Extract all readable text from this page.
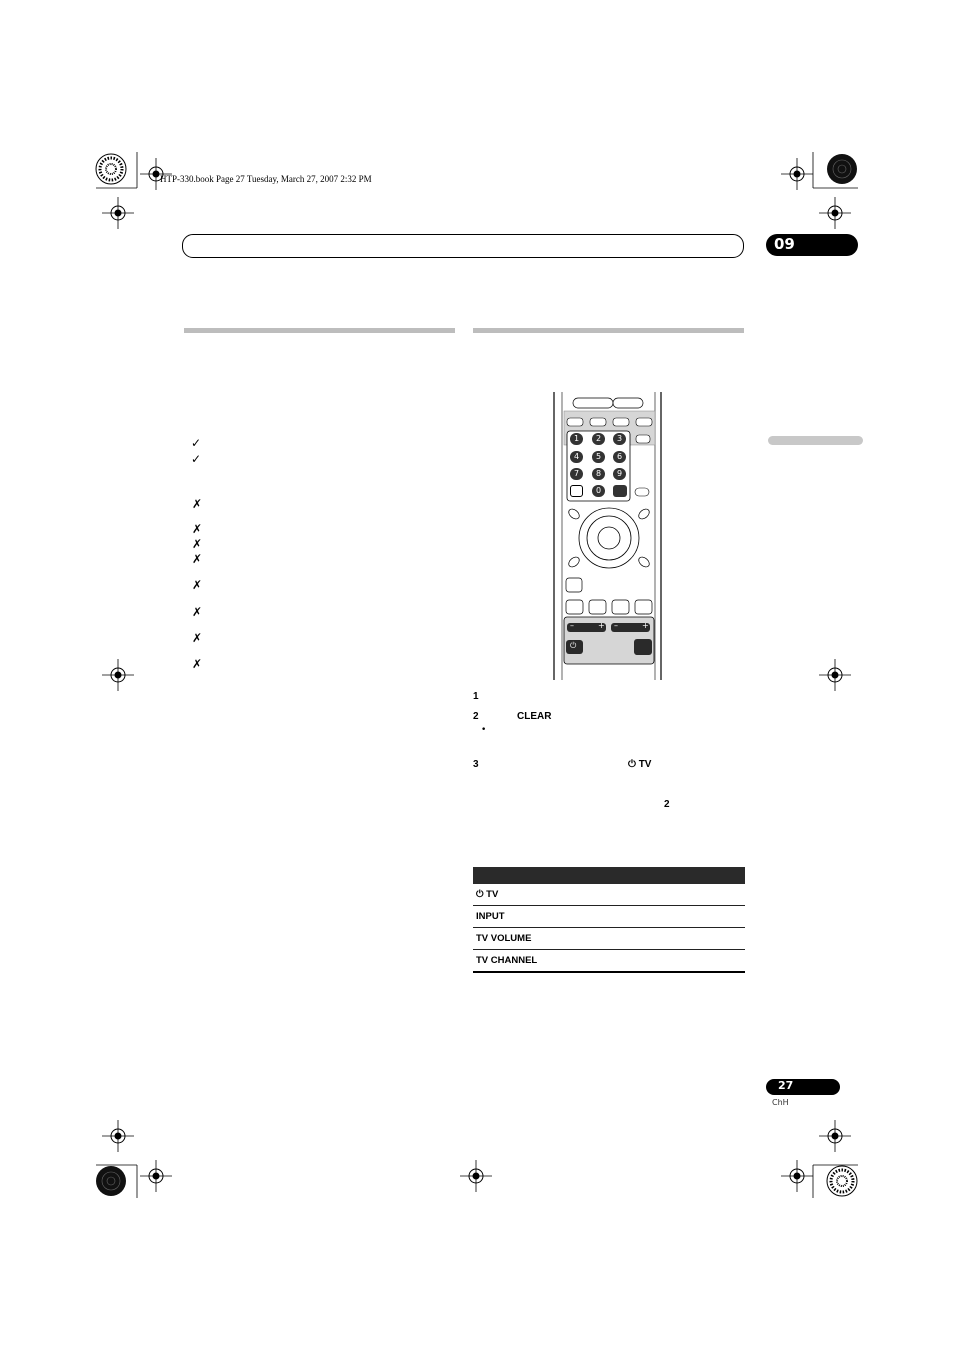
HTP-330.book Page 27 Tuesday, March 27, 2007 2:32 PM
09
✓
✓
✗
✗
✗
✗
✗
✗
✗
✗
1	2	3
4	5	6
7	8	9
0
–	+ –	+
⏻
1
2	CLEAR
•
3	⏻ TV
2
⏻ TV
INPUT
TV VOLUME
TV CHANNEL
27
ChH
